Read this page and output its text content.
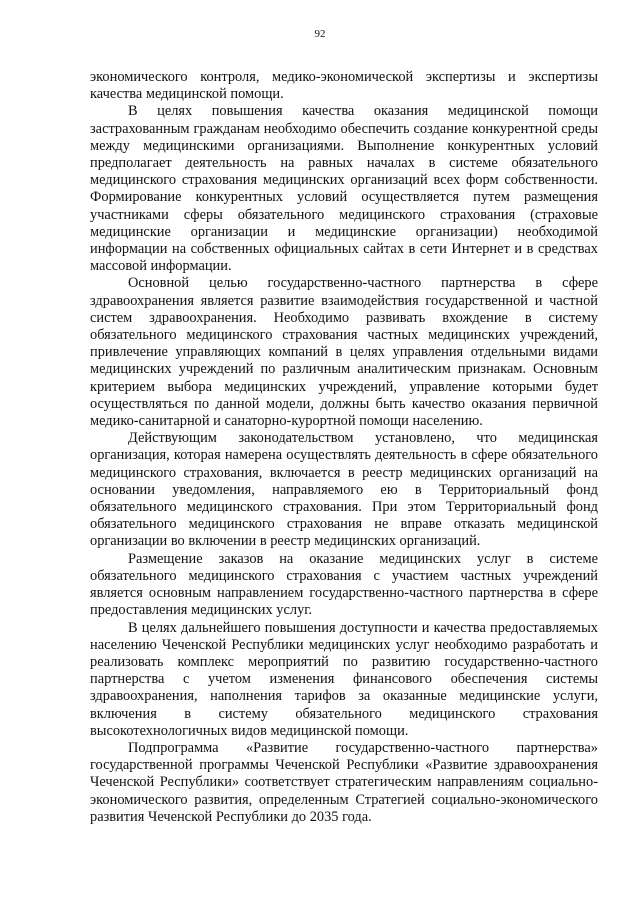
92

экономического контроля, медико-экономической экспертизы и экспертизы качества медицинской помощи.

В целях повышения качества оказания медицинской помощи застрахованным гражданам необходимо обеспечить создание конкурентной среды между медицинскими организациями. Выполнение конкурентных условий предполагает деятельность на равных началах в системе обязательного медицинского страхования медицинских организаций всех форм собственности. Формирование конкурентных условий осуществляется путем размещения участниками сферы обязательного медицинского страхования (страховые медицинские организации и медицинские организации) необходимой информации на собственных официальных сайтах в сети Интернет и в средствах массовой информации.

Основной целью государственно-частного партнерства в сфере здравоохранения является развитие взаимодействия государственной и частной систем здравоохранения. Необходимо развивать вхождение в систему обязательного медицинского страхования частных медицинских учреждений, привлечение управляющих компаний в целях управления отдельными видами медицинских учреждений по различным аналитическим признакам. Основным критерием выбора медицинских учреждений, управление которыми будет осуществляться по данной модели, должны быть качество оказания первичной медико-санитарной и санаторно-курортной помощи населению.

Действующим законодательством установлено, что медицинская организация, которая намерена осуществлять деятельность в сфере обязательного медицинского страхования, включается в реестр медицинских организаций на основании уведомления, направляемого ею в Территориальный фонд обязательного медицинского страхования. При этом Территориальный фонд обязательного медицинского страхования не вправе отказать медицинской организации во включении в реестр медицинских организаций.

Размещение заказов на оказание медицинских услуг в системе обязательного медицинского страхования с участием частных учреждений является основным направлением государственно-частного партнерства в сфере предоставления медицинских услуг.

В целях дальнейшего повышения доступности и качества предоставляемых населению Чеченской Республики медицинских услуг необходимо разработать и реализовать комплекс мероприятий по развитию государственно-частного партнерства с учетом изменения финансового обеспечения системы здравоохранения, наполнения тарифов за оказанные медицинские услуги, включения в систему обязательного медицинского страхования высокотехнологичных видов медицинской помощи.

Подпрограмма «Развитие государственно-частного партнерства» государственной программы Чеченской Республики «Развитие здравоохранения Чеченской Республики» соответствует стратегическим направлениям социально-экономического развития, определенным Стратегией социально-экономического развития Чеченской Республики до 2035 года.
